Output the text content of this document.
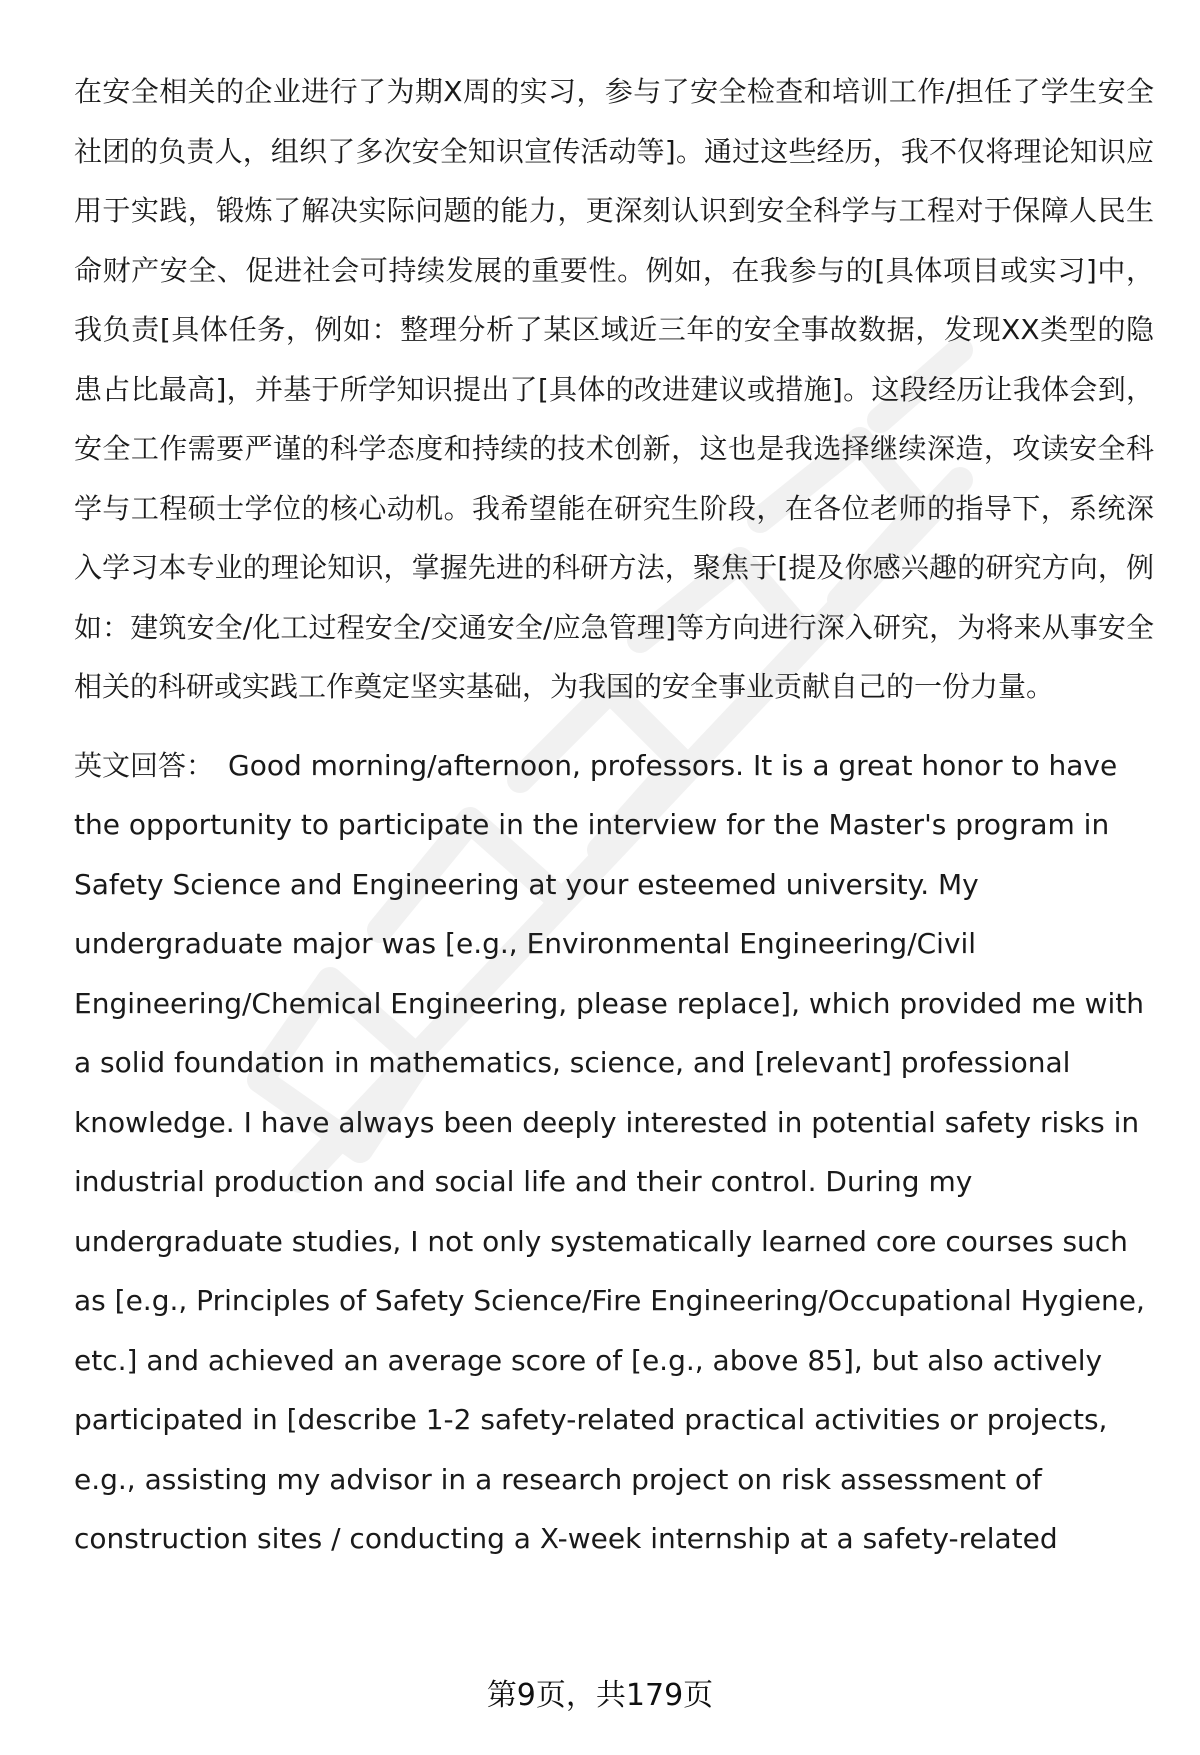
在安全相关的企业进行了为期X周的实习，参与了安全检查和培训工作/担任了学生安全社团的负责人，组织了多次安全知识宣传活动等]。通过这些经历，我不仅将理论知识应用于实践，锻炼了解决实际问题的能力，更深刻认识到安全科学与工程对于保障人民生命财产安全、促进社会可持续发展的重要性。例如，在我参与的[具体项目或实习]中，我负责[具体任务，例如：整理分析了某区域近三年的安全事故数据，发现XX类型的隐患占比最高]，并基于所学知识提出了[具体的改进建议或措施]。这段经历让我体会到，安全工作需要严谨的科学态度和持续的技术创新，这也是我选择继续深造，攻读安全科学与工程硕士学位的核心动机。我希望能在研究生阶段，在各位老师的指导下，系统深入学习本专业的理论知识，掌握先进的科研方法，聚焦于[提及你感兴趣的研究方向，例如：建筑安全/化工过程安全/交通安全/应急管理]等方向进行深入研究，为将来从事安全相关的科研或实践工作奠定坚实基础，为我国的安全事业贡献自己的一份力量。

英文回答： Good morning/afternoon, professors. It is a great honor to have the opportunity to participate in the interview for the Master's program in Safety Science and Engineering at your esteemed university. My undergraduate major was [e.g., Environmental Engineering/Civil Engineering/Chemical Engineering, please replace], which provided me with a solid foundation in mathematics, science, and [relevant] professional knowledge. I have always been deeply interested in potential safety risks in industrial production and social life and their control. During my undergraduate studies, I not only systematically learned core courses such as [e.g., Principles of Safety Science/Fire Engineering/Occupational Hygiene, etc.] and achieved an average score of [e.g., above 85], but also actively participated in [describe 1-2 safety-related practical activities or projects, e.g., assisting my advisor in a research project on risk assessment of construction sites / conducting a X-week internship at a safety-related

第9页，共179页
